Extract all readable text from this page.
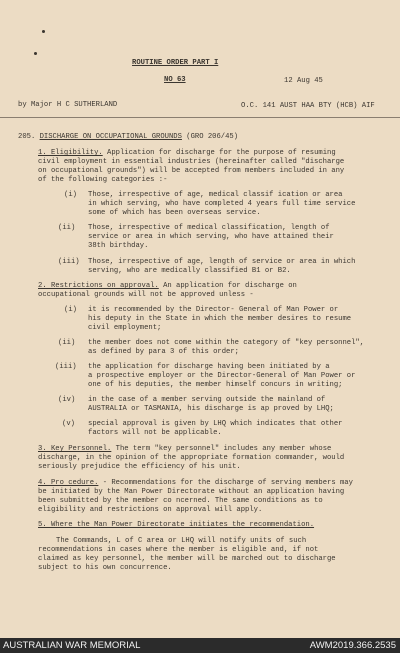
ROUTINE ORDER PART I
NO 63	12 Aug 45
by Major H C SUTHERLAND	O.C. 141 AUST HAA BTY (HCB) AIF
205. DISCHARGE ON OCCUPATIONAL GROUNDS (GRO 206/45)
1. Eligibility. Application for discharge for the purpose of resuming
civil employment in essential industries (hereinafter called "discharge
on occupational grounds") will be accepted from members included in any
of the following categories :-
(i) Those, irrespective of age, medical classif ication or area
in which serving, who have completed 4 years full time service
some of which has been overseas service.
(ii) Those, irrespective of medical classification, length of
service or area in which serving, who have attained their
38th birthday.
(iii) Those, irrespective of age, length of service or area in which
serving, who are medically classified B1 or B2.
2. Restrictions on approval. An application for discharge on
occupational grounds will not be approved unless -
(i) it is recommended by the Director- General of Man Power or
his deputy in the State in which the member desires to resume
civil employment;
(ii) the member does not come within the category of "key personnel",
as defined by para 3 of this order;
(iii) the application for discharge having been initiated by a
a prospective employer or the Director-General of Man Power or
one of his deputies, the member himself concurs in writing;
(iv) in the case of a member serving outside the mainland of
AUSTRALIA or TASMANIA, his discharge is ap proved by LHQ;
(v) special approval is given by LHQ which indicates that other
factors will not be applicable.
3. Key Personnel. The term "key personnel" includes any member whose
discharge, in the opinion of the appropriate formation commander, would
seriously prejudice the efficiency of his unit.
4. Pro cedure. - Recommendations for the discharge of serving members may
be initiated by the Man Power Directorate without an application having
been submitted by the member co ncerned. The same conditions as to
eligibility and restrictions on approval will apply.
5. Where the Man Power Directorate initiates the recommendation.
The Commands, L of C area or LHQ will notify units of such
recommendations in cases where the member is eligible and, if not
claimed as key personnel, the member will be marched out to discharge
subject to his own concurrence.
AUSTRALIAN WAR MEMORIAL	AWM2019.366.2535
